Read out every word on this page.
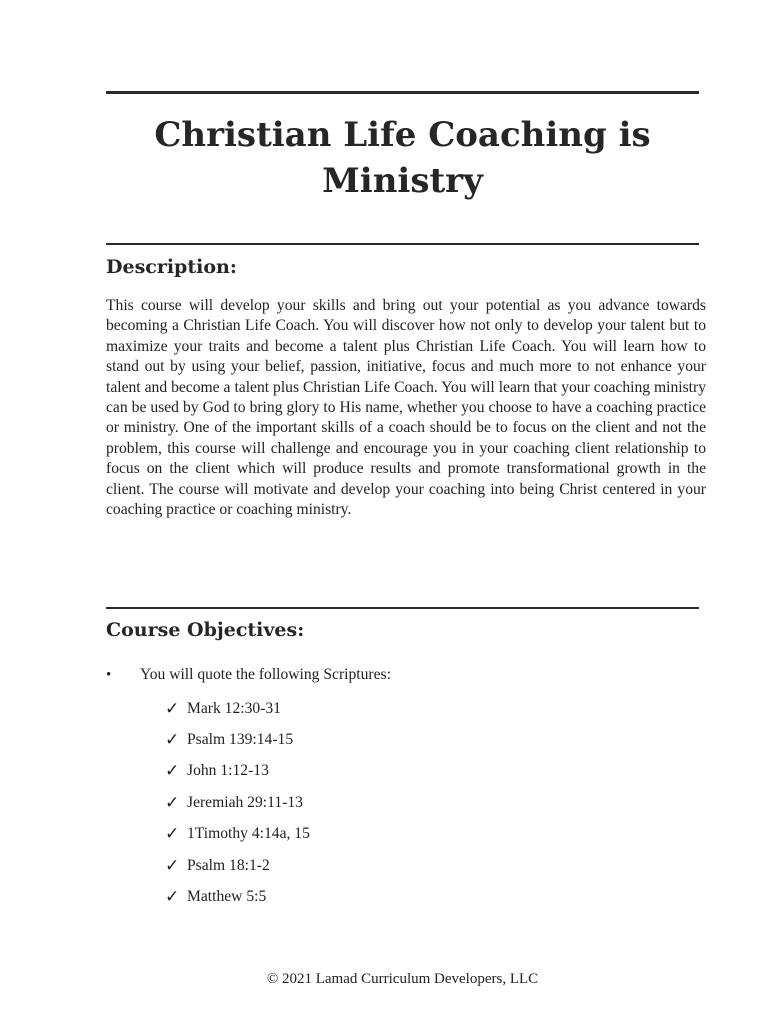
Christian Life Coaching is Ministry
Description:

This course will develop your skills and bring out your potential as you advance towards becoming a Christian Life Coach. You will discover how not only to develop your talent but to maximize your traits and become a talent plus Christian Life Coach. You will learn how to stand out by using your belief, passion, initiative, focus and much more to not enhance your talent and become a talent plus Christian Life Coach. You will learn that your coaching ministry can be used by God to bring glory to His name, whether you choose to have a coaching practice or ministry. One of the important skills of a coach should be to focus on the client and not the problem, this course will challenge and encourage you in your coaching client relationship to focus on the client which will produce results and promote transformational growth in the client. The course will motivate and develop your coaching into being Christ centered in your coaching practice or coaching ministry.

Course Objectives:
• You will quote the following Scriptures:
✓ Mark 12:30-31
✓ Psalm 139:14-15
✓ John 1:12-13
✓ Jeremiah 29:11-13
✓ 1Timothy 4:14a, 15
✓ Psalm 18:1-2
✓ Matthew 5:5

© 2021 Lamad Curriculum Developers, LLC
